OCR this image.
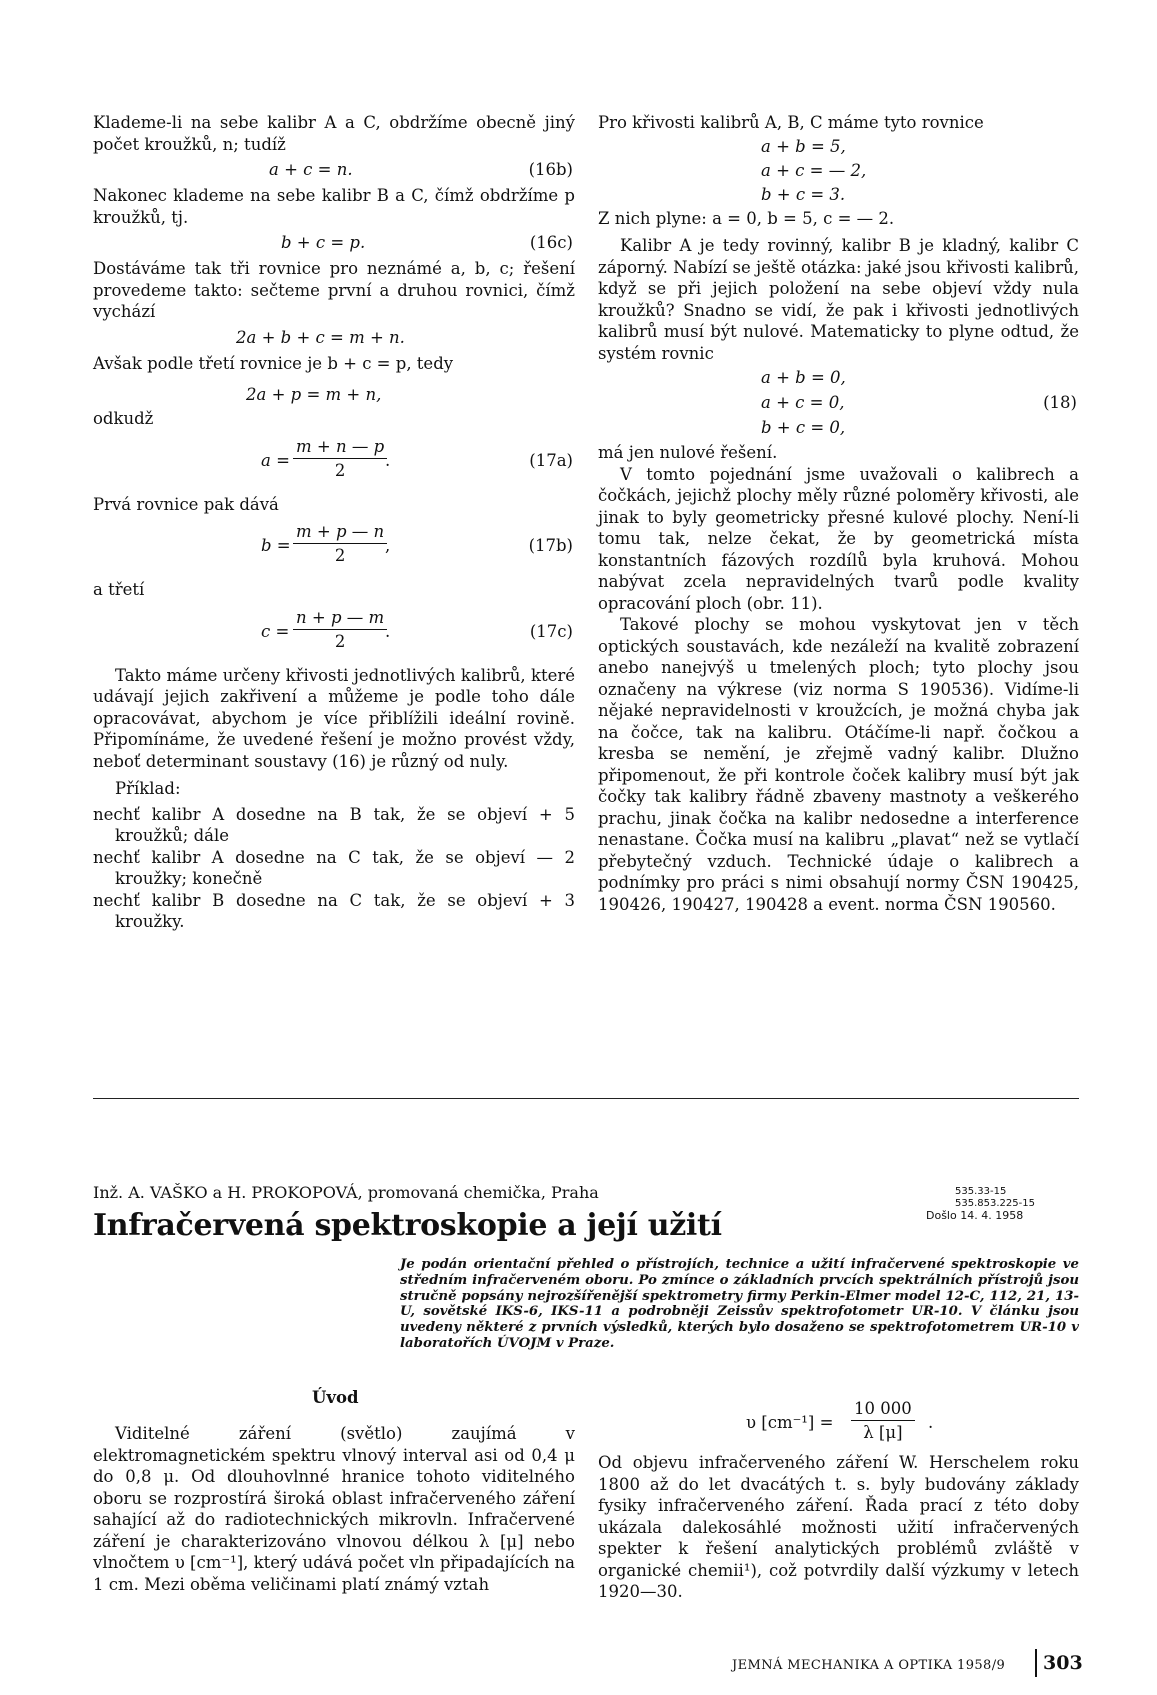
Klademe-li na sebe kalibr A a C, obdržíme obecně jiný počet kroužků, n; tudíž

a + c = n.	(16b)

Nakonec klademe na sebe kalibr B a C, čímž obdržíme p kroužků, tj.

b + c = p.	(16c)

Dostáváme tak tři rovnice pro neznámé a, b, c; řešení provedeme takto: sečteme první a druhou rovnici, čímž vychází

2a + b + c = m + n.

Avšak podle třetí rovnice je b + c = p, tedy

2a + p = m + n,

odkudž

$a = \frac{m + n — p}{2}$
.	(17a)

Prvá rovnice pak dává

$b = \frac{m + p — n}{2}$
,	(17b)

a třetí

$c = \frac{n + p — m}{2}$
.	(17c)

Takto máme určeny křivosti jednotlivých kalibrů, které udávají jejich zakřivení a můžeme je podle toho dále opracovávat, abychom je více přiblížili ideální rovině. Připomínáme, že uvedené řešení je možno provést vždy, neboť determinant soustavy (16) je různý od nuly.

Příklad:

nechť kalibr A dosedne na B tak, že se objeví + 5 kroužků; dále

nechť kalibr A dosedne na C tak, že se objeví — 2 kroužky; konečně

nechť kalibr B dosedne na C tak, že se objeví + 3 kroužky.

Pro křivosti kalibrů A, B, C máme tyto rovnice

a + b = 5,
a + c = — 2,
b + c = 3.

Z nich plyne: a = 0, b = 5, c = — 2.

Kalibr A je tedy rovinný, kalibr B je kladný, kalibr C záporný. Nabízí se ještě otázka: jaké jsou křivosti kalibrů, když se při jejich položení na sebe objeví vždy nula kroužků? Snadno se vidí, že pak i křivosti jednotlivých kalibrů musí být nulové. Matematicky to plyne odtud, že systém rovnic

a + b = 0,
a + c = 0,	(18)
b + c = 0,

má jen nulové řešení.

V tomto pojednání jsme uvažovali o kalibrech a čočkách, jejichž plochy měly různé poloměry křivosti, ale jinak to byly geometricky přesné kulové plochy. Není-li tomu tak, nelze čekat, že by geometrická místa konstantních fázových rozdílů byla kruhová. Mohou nabývat zcela nepravidelných tvarů podle kvality opracování ploch (obr. 11).

Takové plochy se mohou vyskytovat jen v těch optických soustavách, kde nezáleží na kvalitě zobrazení anebo nanejvýš u tmelených ploch; tyto plochy jsou označeny na výkrese (viz norma S 190536). Vidíme-li nějaké nepravidelnosti v kroužcích, je možná chyba jak na čočce, tak na kalibru. Otáčíme-li např. čočkou a kresba se nemění, je zřejmě vadný kalibr. Dlužno připomenout, že při kontrole čoček kalibry musí být jak čočky tak kalibry řádně zbaveny mastnoty a veškerého prachu, jinak čočka na kalibr nedosedne a interference nenastane. Čočka musí na kalibru „plavat“ než se vytlačí přebytečný vzduch. Technické údaje o kalibrech a podnímky pro práci s nimi obsahují normy ČSN 190425, 190426, 190427, 190428 a event. norma ČSN 190560.

Inž. A. VAŠKO a H. PROKOPOVÁ, promovaná chemička, Praha	535.33-15
535.853.225-15
Došlo 14. 4. 1958
Infračervená spektroskopie a její užití
Je podán orientační přehled o přístrojích, technice a užití infračervené spektroskopie ve středním infračerveném oboru. Po zmínce o základních prvcích spektrálních přístrojů jsou stručně popsány nejrozšířenější spektrometry firmy Perkin-Elmer model 12-C, 112, 21, 13-U, sovětské IKS-6, IKS-11 a podrobněji Zeissův spektrofotometr UR-10. V článku jsou uvedeny některé z prvních výsledků, kterých bylo dosaženo se spektrofotometrem UR-10 v laboratořích ÚVOJM v Praze.
Úvod

Viditelné záření (světlo) zaujímá v elektromagnetickém spektru vlnový interval asi od 0,4 μ do 0,8 μ. Od dlouhovlnné hranice tohoto viditelného oboru se rozprostírá široká oblast infračerveného záření sahající až do radiotechnických mikrovln. Infračervené záření je charakterizováno vlnovou délkou λ [μ] nebo vlnočtem υ [cm⁻¹], který udává počet vln připadajících na 1 cm. Mezi oběma veličinami platí známý vztah

υ $[cm^{-1}] = \frac{10 000}{\lambda [\mu]}$ .

Od objevu infračerveného záření W. Herschelem roku 1800 až do let dvacátých t. s. byly budovány základy fysiky infračerveného záření. Řada prací z této doby ukázala dalekosáhlé možnosti užití infračervených spekter k řešení analytických problémů zvláště v organické chemii¹), což potvrdily další výzkumy v letech 1920—30.

JEMNÁ MECHANIKA A OPTIKA 1958/9 303
